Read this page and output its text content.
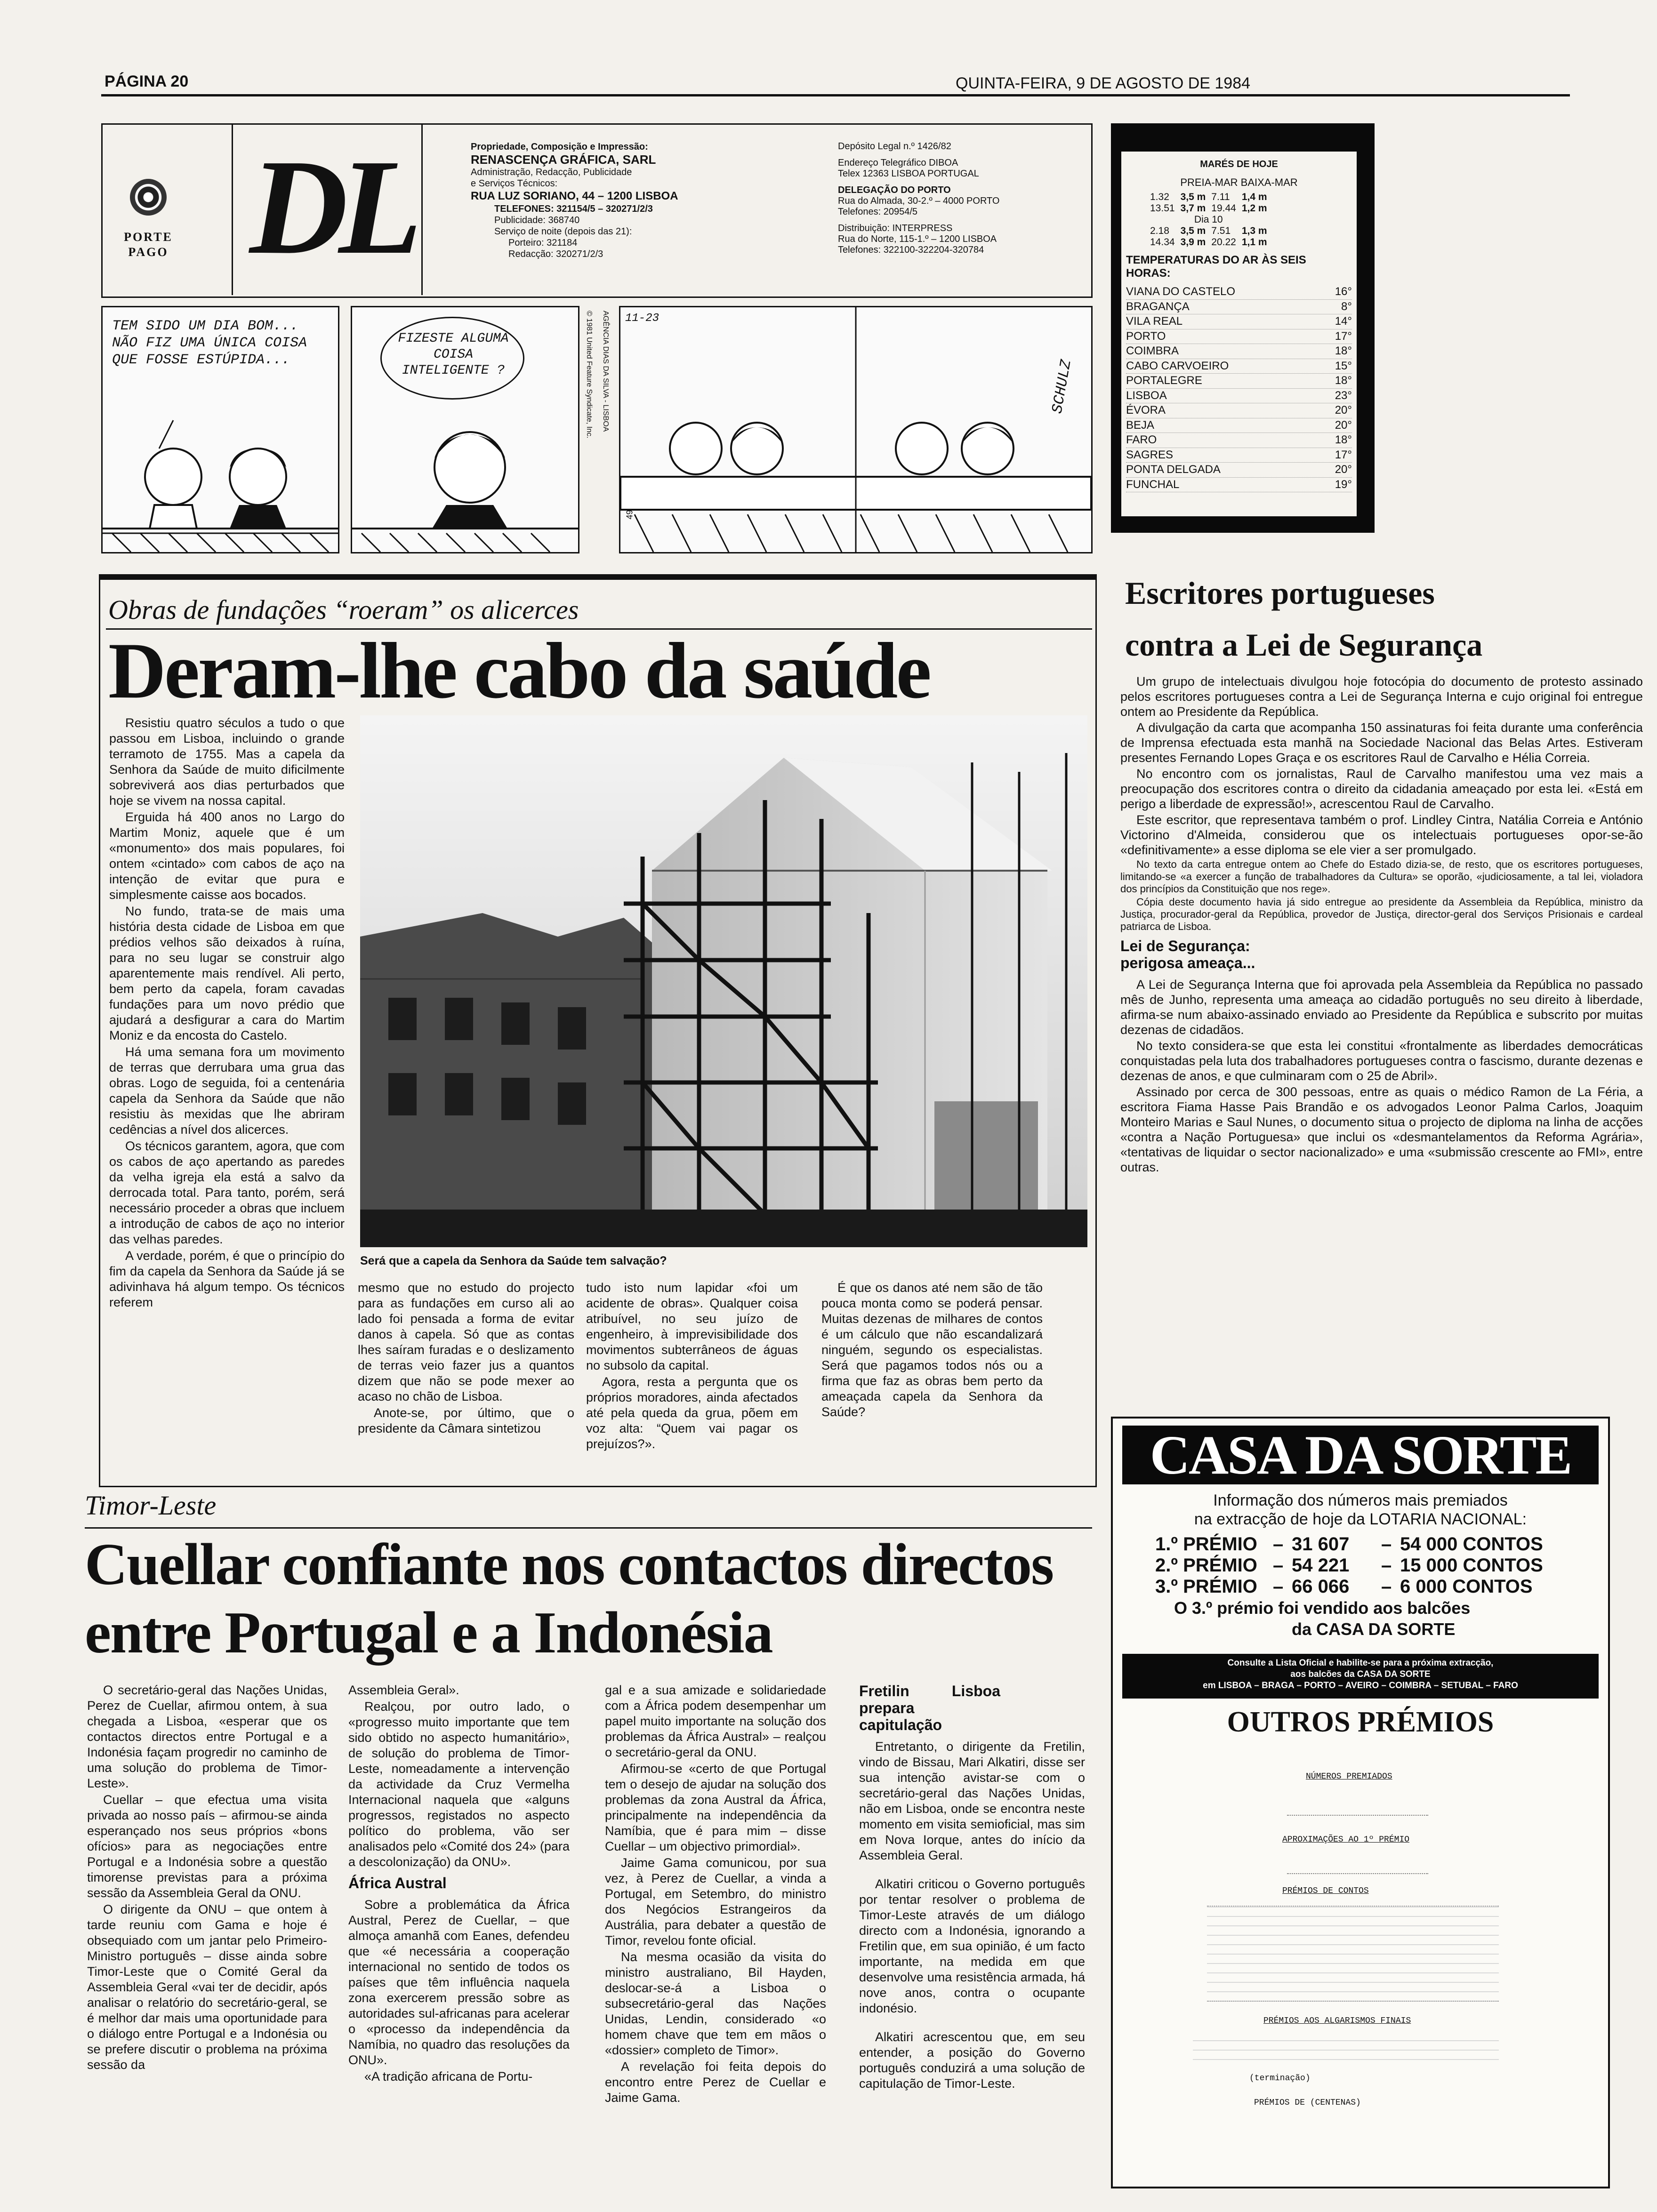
PÁGINA 20	QUINTA-FEIRA, 9 DE AGOSTO DE 1984
PORTE PAGO DL	Propriedade, Composição e Impressão:
RENASCENÇA GRÁFICA, SARL
Administração, Redacção, Publicidade
e Serviços Técnicos:
RUA LUZ SORIANO, 44 – 1200 LISBOA
TELEFONES: 321154/5 – 320271/2/3
Publicidade: 368740
Serviço de noite (depois das 21):
Porteiro: 321184
Redacção: 320271/2/3
Depósito Legal n.º 1426/82
Endereço Telegráfico DIBOA
Telex 12363 LISBOA PORTUGAL
DELEGAÇÃO DO PORTO
Rua do Almada, 30-2.º – 4000 PORTO
Telefones: 20954/5
Distribuição: INTERPRESS
Rua do Norte, 115-1.º – 1200 LISBOA
Telefones: 322100-322204-320784
TEM SIDO UM DIA BOM... NÃO FIZ UMA ÚNICA COISA QUE FOSSE ESTÚPIDA...
FIZESTE ALGUMA COISA INTELIGENTE ?	© 1981 United Feature Syndicate, Inc. AGÊNCIA DIAS DA SILVA - LISBOA 11-23
SCHULZ
MARÉS DE HOJE
PREIA-MAR BAIXA-MAR
1.32	3,5 m	7.11	1,4 m
13.51	3,7 m	19.44	1,2 m
Dia 10			
2.18	3,5 m	7.51	1,3 m
14.34	3,9 m	20.22	1,1 m
TEMPERATURAS DO AR ÀS SEIS HORAS:
VIANA DO CASTELO	16°
BRAGANÇA	8°
VILA REAL	14°
PORTO	17°
COIMBRA	18°
CABO CARVOEIRO	15°
PORTALEGRE	18°
LISBOA	23°
ÉVORA	20°
BEJA	20°
FARO	18°
SAGRES	17°
PONTA DELGADA	20°
FUNCHAL	19°
Obras de fundações “roeram” os alicerces
Deram-lhe cabo da saúde

Resistiu quatro séculos a tudo o que passou em Lisboa, incluindo o grande terramoto de 1755. Mas a capela da Senhora da Saúde de muito dificilmente sobreviverá aos dias perturbados que hoje se vivem na nossa capital.

Erguida há 400 anos no Largo do Martim Moniz, aquele que é um «monumento» dos mais populares, foi ontem «cintado» com cabos de aço na intenção de evitar que pura e simplesmente caisse aos bocados.

No fundo, trata-se de mais uma história desta cidade de Lisboa em que prédios velhos são deixados à ruína, para no seu lugar se construir algo aparentemente mais rendível. Ali perto, bem perto da capela, foram cavadas fundações para um novo prédio que ajudará a desfigurar a cara do Martim Moniz e da encosta do Castelo.

Há uma semana fora um movimento de terras que derrubara uma grua das obras. Logo de seguida, foi a centenária capela da Senhora da Saúde que não resistiu às mexidas que lhe abriram cedências a nível dos alicerces.

Os técnicos garantem, agora, que com os cabos de aço apertando as paredes da velha igreja ela está a salvo da derrocada total. Para tanto, porém, será necessário proceder a obras que incluem a introdução de cabos de aço no interior das velhas paredes.

A verdade, porém, é que o princípio do fim da capela da Senhora da Saúde já se adivinhava há algum tempo. Os técnicos referem

Será que a capela da Senhora da Saúde tem salvação?

mesmo que no estudo do projecto para as fundações em curso ali ao lado foi pensada a forma de evitar danos à capela. Só que as contas lhes saíram furadas e o deslizamento de terras veio fazer jus a quantos dizem que não se pode mexer ao acaso no chão de Lisboa.

Anote-se, por último, que o presidente da Câmara sintetizou

tudo isto num lapidar «foi um acidente de obras». Qualquer coisa atribuível, no seu juízo de engenheiro, à imprevisibilidade dos movimentos subterrâneos de águas no subsolo da capital.

Agora, resta a pergunta que os próprios moradores, ainda afectados até pela queda da grua, põem em voz alta: “Quem vai pagar os prejuízos?».

É que os danos até nem são de tão pouca monta como se poderá pensar. Muitas dezenas de milhares de contos é um cálculo que não escandalizará ninguém, segundo os especialistas. Será que pagamos todos nós ou a firma que faz as obras bem perto da ameaçada capela da Senhora da Saúde?

Escritores portugueses
contra a Lei de Segurança

Um grupo de intelectuais divulgou hoje fotocópia do documento de protesto assinado pelos escritores portugueses contra a Lei de Segurança Interna e cujo original foi entregue ontem ao Presidente da República.

A divulgação da carta que acompanha 150 assinaturas foi feita durante uma conferência de Imprensa efectuada esta manhã na Sociedade Nacional das Belas Artes. Estiveram presentes Fernando Lopes Graça e os escritores Raul de Carvalho e Hélia Correia.

No encontro com os jornalistas, Raul de Carvalho manifestou uma vez mais a preocupação dos escritores contra o direito da cidadania ameaçado por esta lei. «Está em perigo a liberdade de expressão!», acrescentou Raul de Carvalho.

Este escritor, que representava também o prof. Lindley Cintra, Natália Correia e António Victorino d'Almeida, considerou que os intelectuais portugueses opor-se-ão «definitivamente» a esse diploma se ele vier a ser promulgado.

No texto da carta entregue ontem ao Chefe do Estado dizia-se, de resto, que os escritores portugueses, limitando-se «a exercer a função de trabalhadores da Cultura» se oporão, «judiciosamente, a tal lei, violadora dos princípios da Constituição que nos rege».

Cópia deste documento havia já sido entregue ao presidente da Assembleia da República, ministro da Justiça, procurador-geral da República, provedor de Justiça, director-geral dos Serviços Prisionais e cardeal patriarca de Lisboa.

Lei de Segurança:
perigosa ameaça...

A Lei de Segurança Interna que foi aprovada pela Assembleia da República no passado mês de Junho, representa uma ameaça ao cidadão português no seu direito à liberdade, afirma-se num abaixo-assinado enviado ao Presidente da República e subscrito por muitas dezenas de cidadãos.

No texto considera-se que esta lei constitui «frontalmente as liberdades democráticas conquistadas pela luta dos trabalhadores portugueses contra o fascismo, durante dezenas e dezenas de anos, e que culminaram com o 25 de Abril».

Assinado por cerca de 300 pessoas, entre as quais o médico Ramon de La Féria, a escritora Fiama Hasse Pais Brandão e os advogados Leonor Palma Carlos, Joaquim Monteiro Marias e Saul Nunes, o documento situa o projecto de diploma na linha de acções «contra a Nação Portuguesa» que inclui os «desmantelamentos da Reforma Agrária», «tentativas de liquidar o sector nacionalizado» e uma «submissão crescente ao FMI», entre outras.

Timor-Leste
Cuellar confiante nos contactos directos
entre Portugal e a Indonésia

O secretário-geral das Nações Unidas, Perez de Cuellar, afirmou ontem, à sua chegada a Lisboa, «esperar que os contactos directos entre Portugal e a Indonésia façam progredir no caminho de uma solução do problema de Timor-Leste».

Cuellar – que efectua uma visita privada ao nosso país – afirmou-se ainda esperançado nos seus próprios «bons ofícios» para as negociações entre Portugal e a Indonésia sobre a questão timorense previstas para a próxima sessão da Assembleia Geral da ONU.

O dirigente da ONU – que ontem à tarde reuniu com Gama e hoje é obsequiado com um jantar pelo Primeiro-Ministro português – disse ainda sobre Timor-Leste que o Comité Geral da Assembleia Geral «vai ter de decidir, após analisar o relatório do secretário-geral, se é melhor dar mais uma oportunidade para o diálogo entre Portugal e a Indonésia ou se prefere discutir o problema na próxima sessão da

Assembleia Geral».

Realçou, por outro lado, o «progresso muito importante que tem sido obtido no aspecto humanitário», de solução do problema de Timor-Leste, nomeadamente a intervenção da actividade da Cruz Vermelha Internacional naquela que «alguns progressos, registados no aspecto político do problema, vão ser analisados pelo «Comité dos 24» (para a descolonização) da ONU».

África Austral

Sobre a problemática da África Austral, Perez de Cuellar, – que almoça amanhã com Eanes, defendeu que «é necessária a cooperação internacional no sentido de todos os países que têm influência naquela zona exercerem pressão sobre as autoridades sul-africanas para acelerar o «processo da independência da Namíbia, no quadro das resoluções da ONU».

«A tradição africana de Portu-

gal e a sua amizade e solidariedade com a África podem desempenhar um papel muito importante na solução dos problemas da África Austral» – realçou o secretário-geral da ONU.

Afirmou-se «certo de que Portugal tem o desejo de ajudar na solução dos problemas da zona Austral da África, principalmente na independência da Namíbia, que é para mim – disse Cuellar – um objectivo primordial».

Jaime Gama comunicou, por sua vez, à Perez de Cuellar, a vinda a Portugal, em Setembro, do ministro dos Negócios Estrangeiros da Austrália, para debater a questão de Timor, revelou fonte oficial.

Na mesma ocasião da visita do ministro australiano, Bil Hayden, deslocar-se-á a Lisboa o subsecretário-geral das Nações Unidas, Lendin, considerado «o homem chave que tem em mãos o «dossier» completo de Timor».

A revelação foi feita depois do encontro entre Perez de Cuellar e Jaime Gama.

Fretilin Lisboa prepara capitulação

Entretanto, o dirigente da Fretilin, vindo de Bissau, Mari Alkatiri, disse ser sua intenção avistar-se com o secretário-geral das Nações Unidas, não em Lisboa, onde se encontra neste momento em visita semioficial, mas sim em Nova Iorque, antes do início da Assembleia Geral.

Alkatiri criticou o Governo português por tentar resolver o problema de Timor-Leste através de um diálogo directo com a Indonésia, ignorando a Fretilin que, em sua opinião, é um facto importante, na medida em que desenvolve uma resistência armada, há nove anos, contra o ocupante indonésio.

Alkatiri acrescentou que, em seu entender, a posição do Governo português conduzirá a uma solução de capitulação de Timor-Leste.

CASA DA SORTE
Informação dos números mais premiados
na extracção de hoje da LOTARIA NACIONAL:
1.º PRÉMIO – 31 607 – 54 000 CONTOS
2.º PRÉMIO – 54 221 – 15 000 CONTOS
3.º PRÉMIO – 66 066 – 6 000 CONTOS
O 3.º prémio foi vendido aos balcões
da CASA DA SORTE
Consulte a Lista Oficial e habilite-se para a próxima extracção,
aos balcões da CASA DA SORTE
em LISBOA – BRAGA – PORTO – AVEIRO – COIMBRA – SETUBAL – FARO
OUTROS PRÉMIOS
NÚMEROS PREMIADOS
APROXIMAÇÕES AO 1º PRÉMIO
PRÉMIOS DE CONTOS
PRÉMIOS AOS ALGARISMOS FINAIS
(terminação)
PRÉMIOS DE (CENTENAS)
